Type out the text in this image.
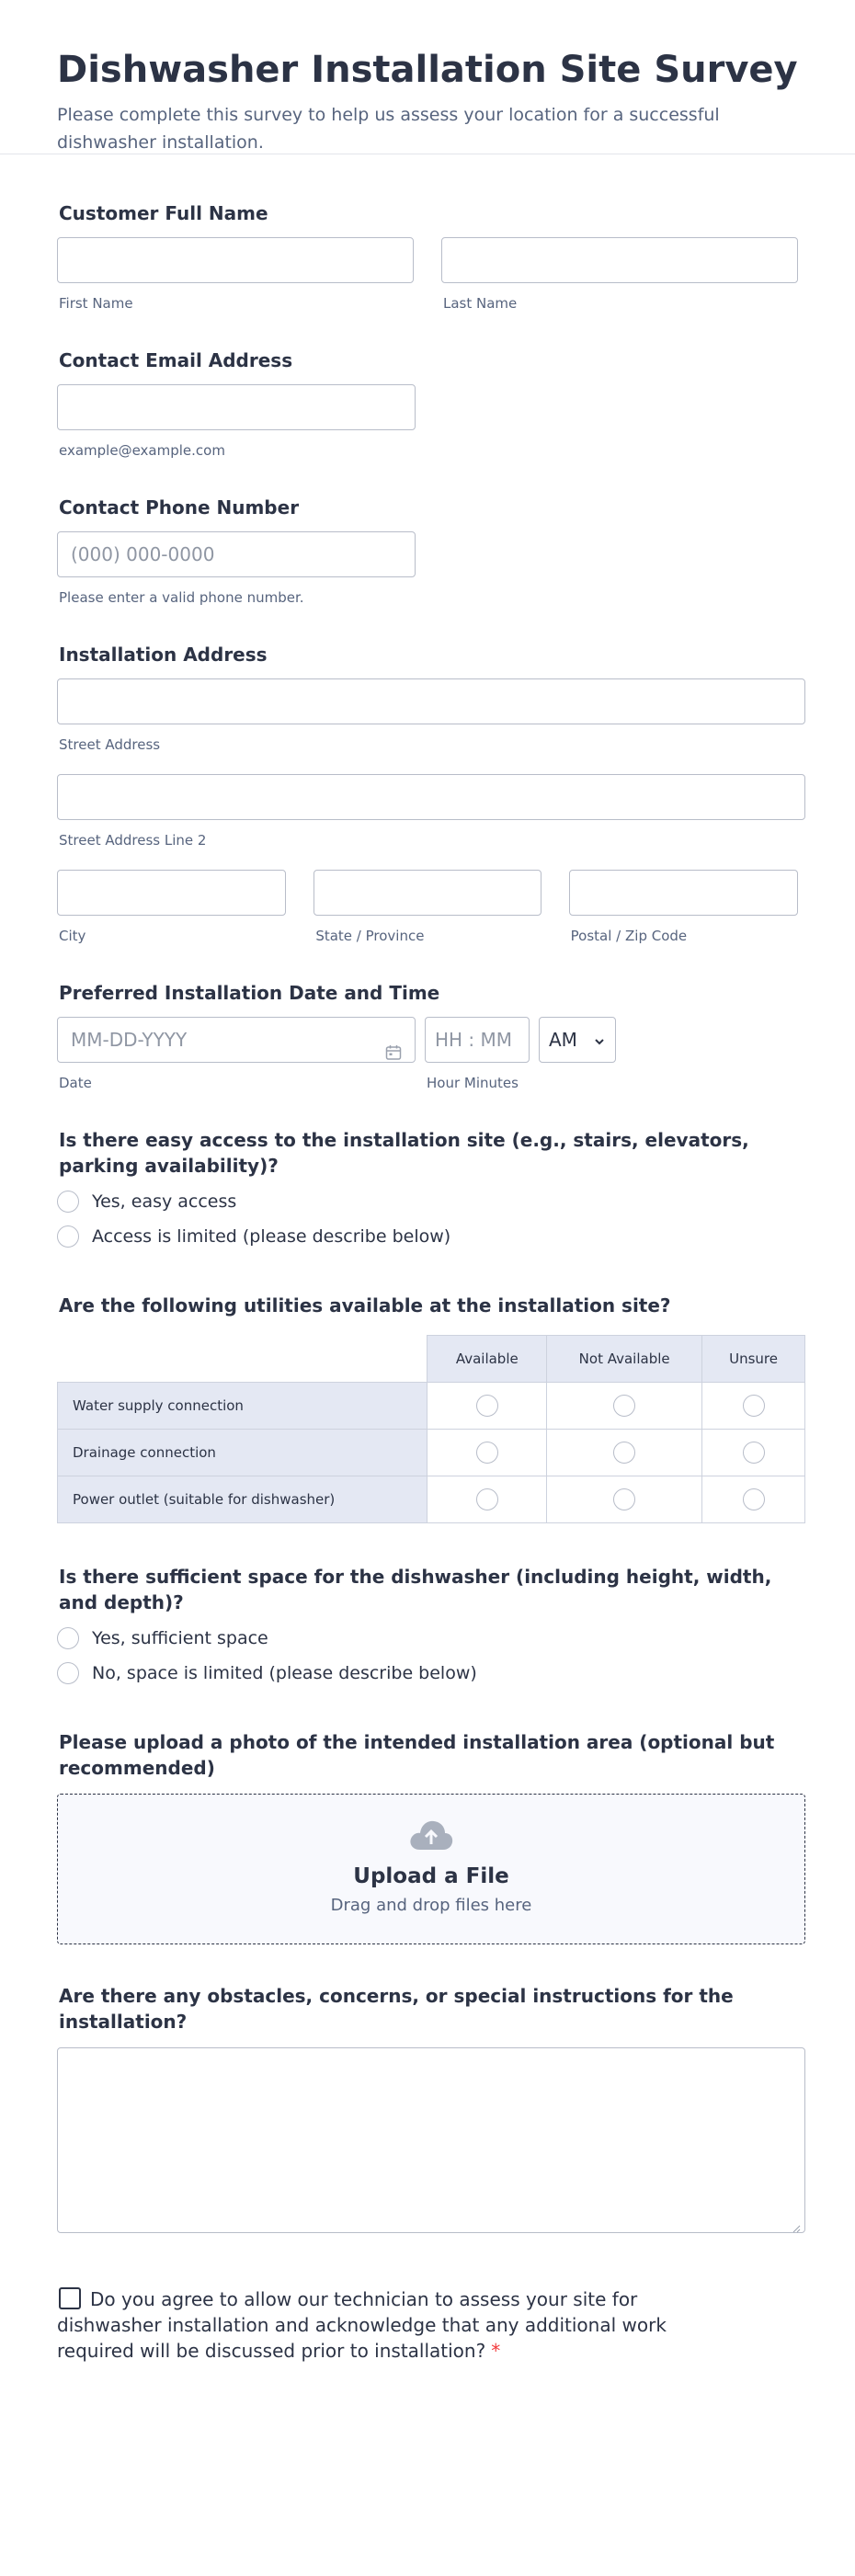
Dishwasher Installation Site Survey
Please complete this survey to help us assess your location for a successful dishwasher installation.
Customer Full Name
First Name	Last Name
Contact Email Address
example@example.com
Contact Phone Number
(000) 000-0000
Please enter a valid phone number.
Installation Address
Street Address
Street Address Line 2
City	State / Province	Postal / Zip Code
Preferred Installation Date and Time
MM-DD-YYYY
Date
HH : MM
Hour Minutes
AM
Is there easy access to the installation site (e.g., stairs, elevators, parking availability)?
Yes, easy access
Access is limited (please describe below)
Are the following utilities available at the installation site?
	Available	Not Available	Unsure
Water supply connection			
Drainage connection			
Power outlet (suitable for dishwasher)			
Is there sufficient space for the dishwasher (including height, width, and depth)?
Yes, sufficient space
No, space is limited (please describe below)
Please upload a photo of the intended installation area (optional but recommended)
Upload a File
Drag and drop files here
Are there any obstacles, concerns, or special instructions for the installation?
Do you agree to allow our technician to assess your site for dishwasher installation and acknowledge that any additional work required will be discussed prior to installation? *
